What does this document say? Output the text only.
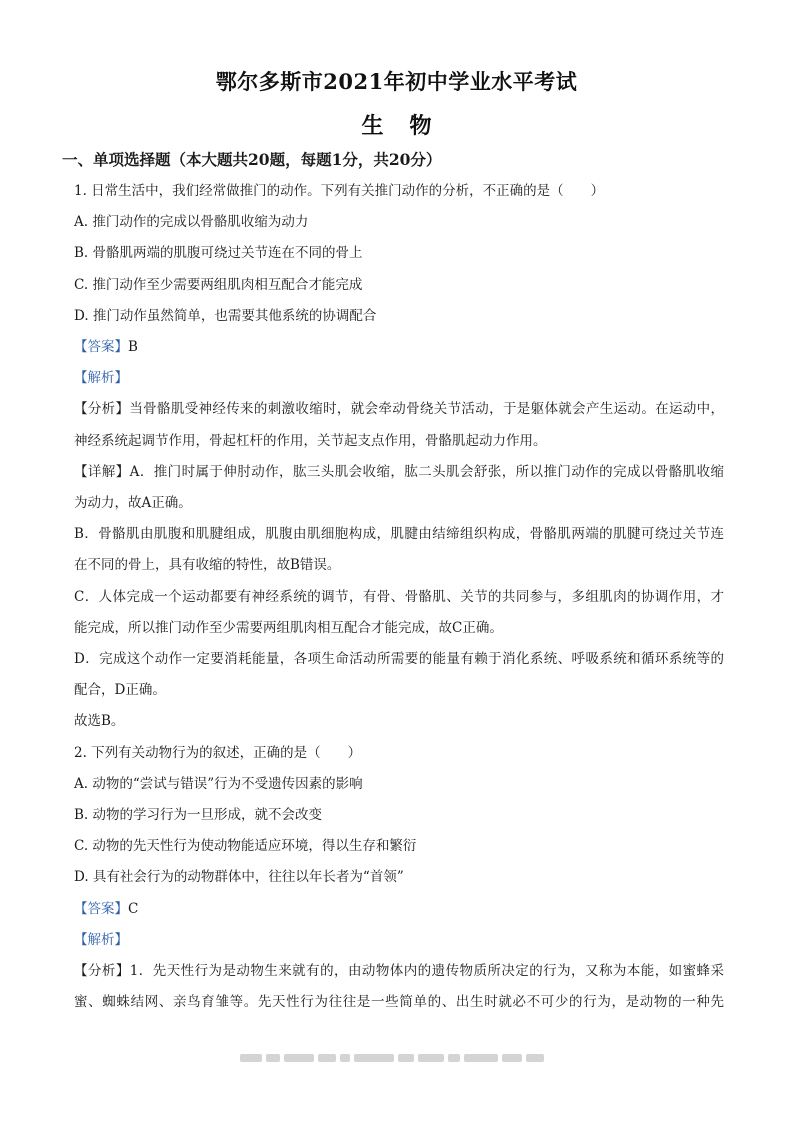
鄂尔多斯市2021年初中学业水平考试
生物
一、单项选择题（本大题共20题，每题1分，共20分）
1. 日常生活中，我们经常做推门的动作。下列有关推门动作的分析，不正确的是（　　）
A. 推门动作的完成以骨骼肌收缩为动力
B. 骨骼肌两端的肌腹可绕过关节连在不同的骨上
C. 推门动作至少需要两组肌肉相互配合才能完成
D. 推门动作虽然简单，也需要其他系统的协调配合
【答案】B
【解析】
【分析】当骨骼肌受神经传来的刺激收缩时，就会牵动骨绕关节活动，于是躯体就会产生运动。在运动中，
神经系统起调节作用，骨起杠杆的作用，关节起支点作用，骨骼肌起动力作用。
【详解】A．推门时属于伸肘动作，肱三头肌会收缩，肱二头肌会舒张，所以推门动作的完成以骨骼肌收缩
为动力，故A正确。
B．骨骼肌由肌腹和肌腱组成，肌腹由肌细胞构成，肌腱由结缔组织构成，骨骼肌两端的肌腱可绕过关节连
在不同的骨上，具有收缩的特性，故B错误。
C．人体完成一个运动都要有神经系统的调节，有骨、骨骼肌、关节的共同参与，多组肌肉的协调作用，才
能完成，所以推门动作至少需要两组肌肉相互配合才能完成，故C正确。
D．完成这个动作一定要消耗能量，各项生命活动所需要的能量有赖于消化系统、呼吸系统和循环系统等的
配合，D正确。
故选B。
2. 下列有关动物行为的叙述，正确的是（　　）
A. 动物的“尝试与错误”行为不受遗传因素的影响
B. 动物的学习行为一旦形成，就不会改变
C. 动物的先天性行为使动物能适应环境，得以生存和繁衍
D. 具有社会行为的动物群体中，往往以年长者为“首领”
【答案】C
【解析】
【分析】1．先天性行为是动物生来就有的，由动物体内的遗传物质所决定的行为，又称为本能，如蜜蜂采
蜜、蜘蛛结网、亲鸟育雏等。先天性行为往往是一些简单的、出生时就必不可少的行为，是动物的一种先
